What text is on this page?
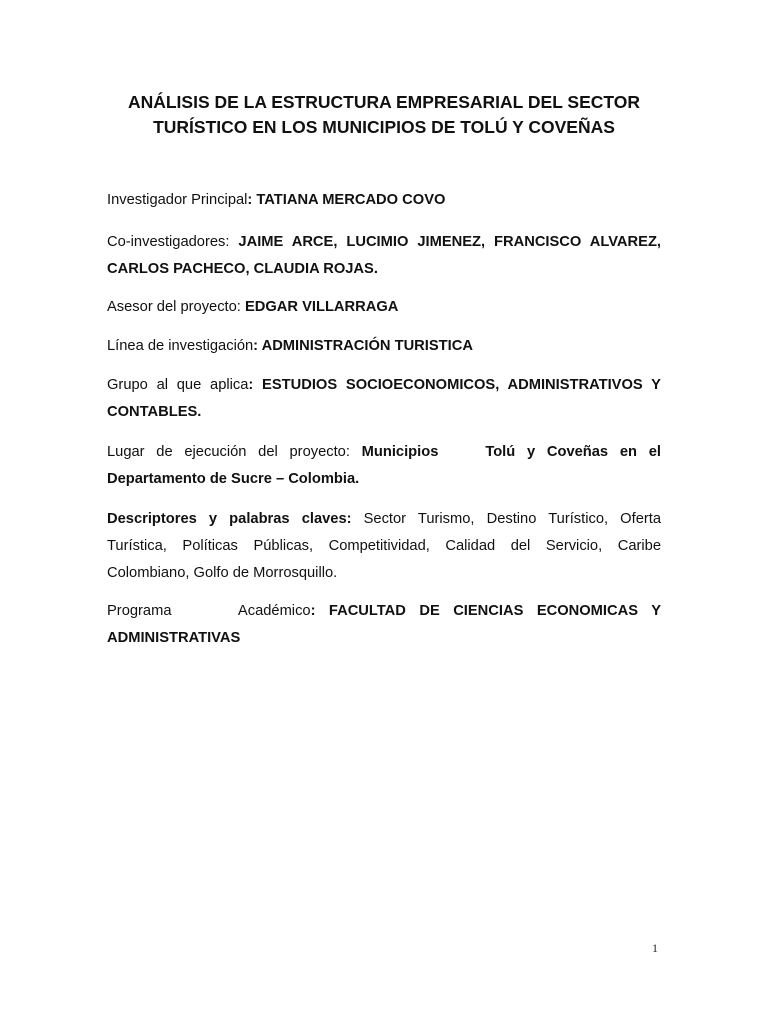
ANÁLISIS DE LA ESTRUCTURA EMPRESARIAL DEL SECTOR
TURÍSTICO EN LOS MUNICIPIOS DE TOLÚ Y COVEÑAS
Investigador Principal: TATIANA MERCADO COVO
Co-investigadores: JAIME ARCE, LUCIMIO JIMENEZ, FRANCISCO ALVAREZ,
CARLOS PACHECO, CLAUDIA ROJAS.
Asesor del proyecto: EDGAR VILLARRAGA
Línea de investigación: ADMINISTRACIÓN TURISTICA
Grupo al que aplica: ESTUDIOS SOCIOECONOMICOS, ADMINISTRATIVOS Y
CONTABLES.
Lugar de ejecución del proyecto: Municipios    Tolú y Coveñas en el
Departamento de Sucre – Colombia.
Descriptores y palabras claves: Sector Turismo, Destino Turístico, Oferta
Turística, Políticas Públicas, Competitividad, Calidad del Servicio, Caribe
Colombiano, Golfo de Morrosquillo.
Programa     Académico: FACULTAD DE CIENCIAS ECONOMICAS Y
ADMINISTRATIVAS
1
